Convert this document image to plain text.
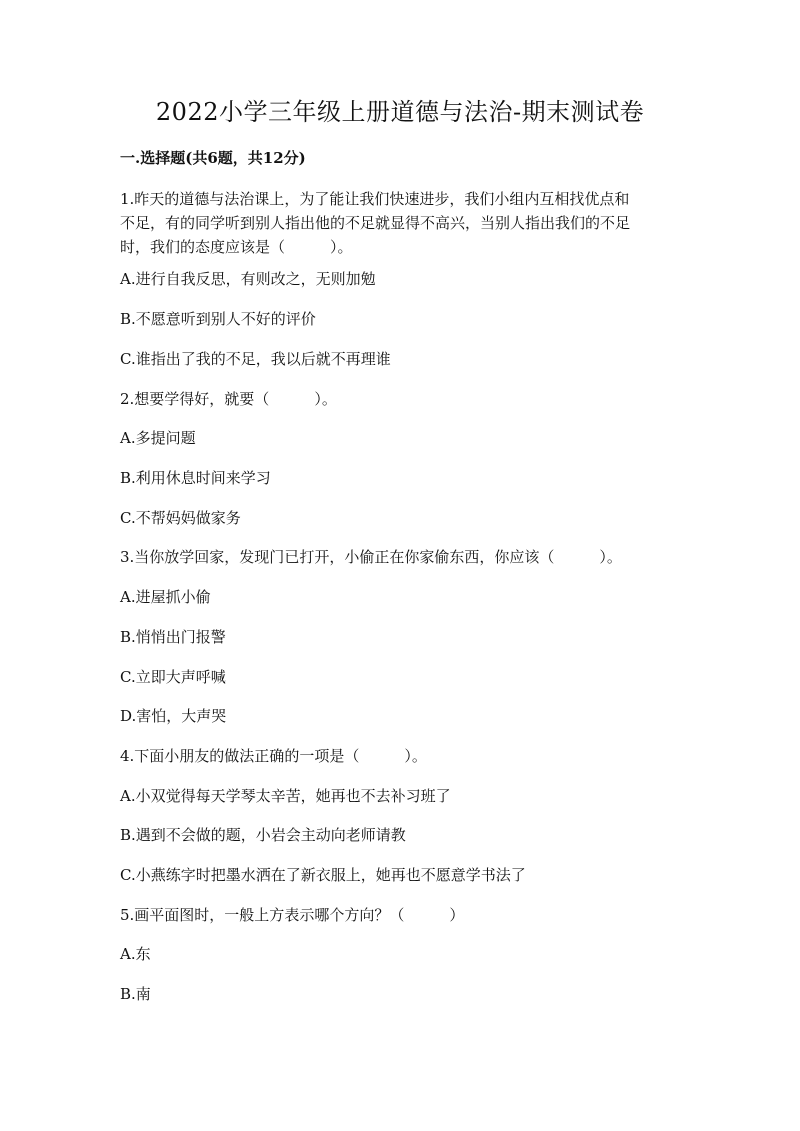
2022小学三年级上册道德与法治-期末测试卷
一.选择题(共6题，共12分)
1.昨天的道德与法治课上，为了能让我们快速进步，我们小组内互相找优点和
不足，有的同学听到别人指出他的不足就显得不高兴，当别人指出我们的不足
时，我们的态度应该是（　　　）。
A.进行自我反思，有则改之，无则加勉
B.不愿意听到别人不好的评价
C.谁指出了我的不足，我以后就不再理谁
2.想要学得好，就要（　　　）。
A.多提问题
B.利用休息时间来学习
C.不帮妈妈做家务
3.当你放学回家，发现门已打开，小偷正在你家偷东西，你应该（　　　）。
A.进屋抓小偷
B.悄悄出门报警
C.立即大声呼喊
D.害怕，大声哭
4.下面小朋友的做法正确的一项是（　　　）。
A.小双觉得每天学琴太辛苦，她再也不去补习班了
B.遇到不会做的题，小岩会主动向老师请教
C.小燕练字时把墨水洒在了新衣服上，她再也不愿意学书法了
5.画平面图时，一般上方表示哪个方向？（　　　）
A.东
B.南
